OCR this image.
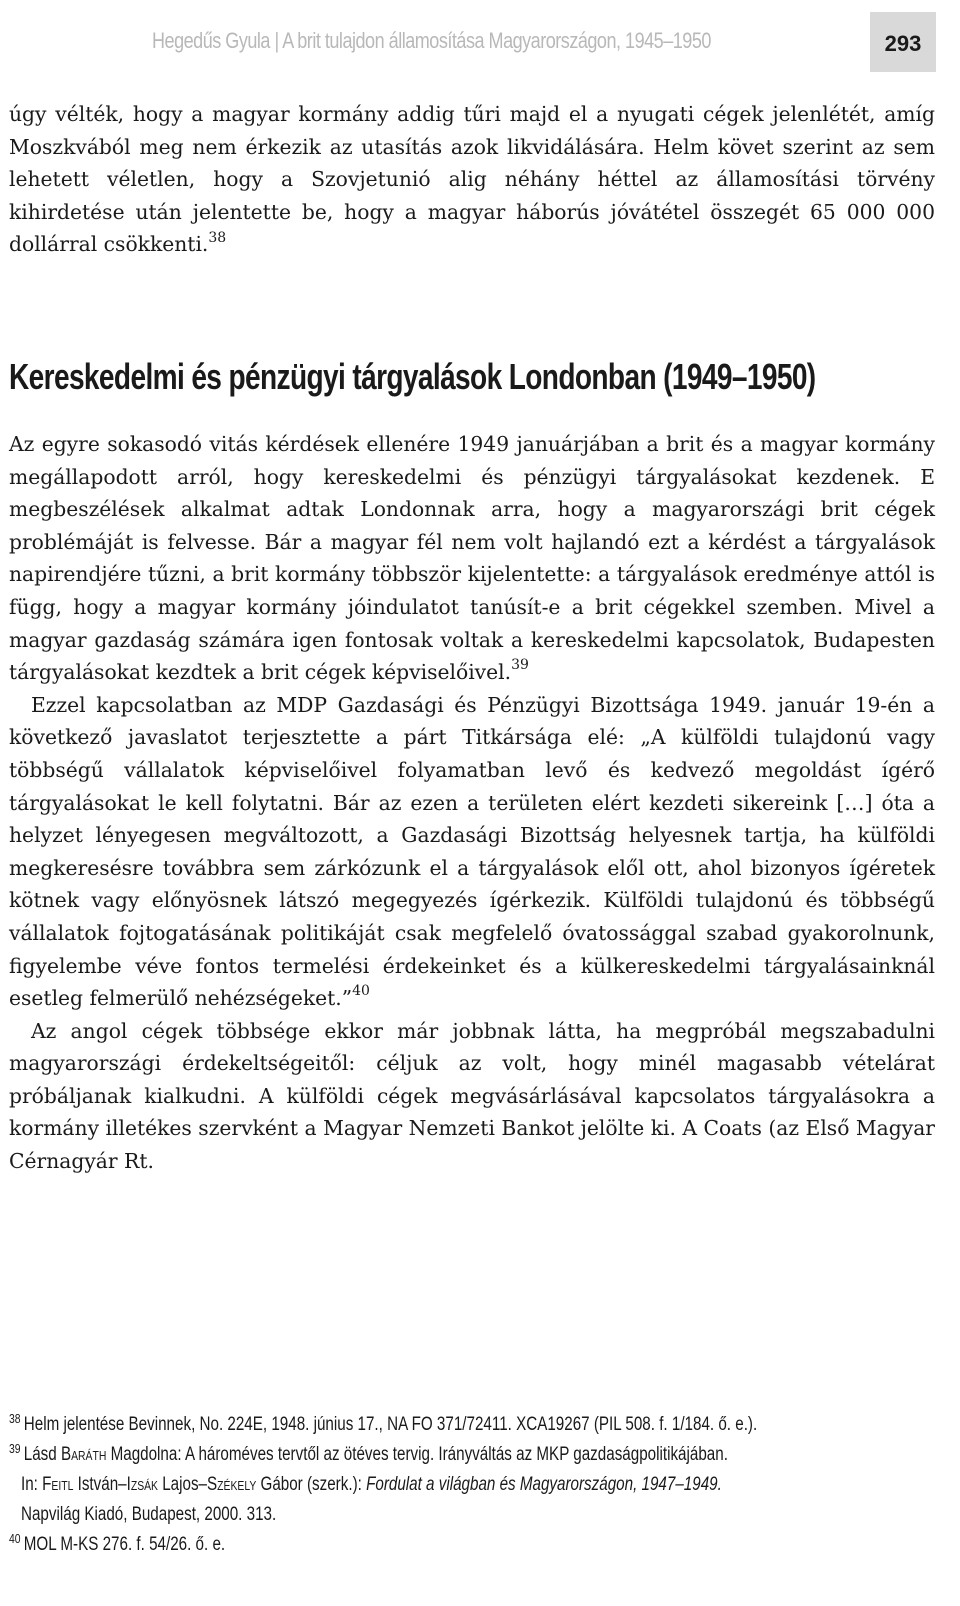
Hegedűs Gyula | A brit tulajdon államosítása Magyarországon, 1945–1950	293

úgy vélték, hogy a magyar kormány addig tűri majd el a nyugati cégek jelenlétét, amíg Moszkvából meg nem érkezik az utasítás azok likvidálására. Helm követ szerint az sem lehetett véletlen, hogy a Szovjetunió alig néhány héttel az államosítási törvény kihirdetése után jelentette be, hogy a magyar háborús jóvátétel összegét 65 000 000 dollárral csökkenti.$^{38}$

Kereskedelmi és pénzügyi tárgyalások Londonban (1949–1950)

Az egyre sokasodó vitás kérdések ellenére 1949 januárjában a brit és a magyar kormány megállapodott arról, hogy kereskedelmi és pénzügyi tárgyalásokat kezdenek. E megbeszélések alkalmat adtak Londonnak arra, hogy a magyarországi brit cégek problémáját is felvesse. Bár a magyar fél nem volt hajlandó ezt a kérdést a tárgyalások napirendjére tűzni, a brit kormány többször kijelentette: a tárgyalások eredménye attól is függ, hogy a magyar kormány jóindulatot tanúsít-e a brit cégekkel szemben. Mivel a magyar gazdaság számára igen fontosak voltak a kereskedelmi kapcsolatok, Budapesten tárgyalásokat kezdtek a brit cégek képviselőivel.$^{39}$

Ezzel kapcsolatban az MDP Gazdasági és Pénzügyi Bizottsága 1949. január 19-én a következő javaslatot terjesztette a párt Titkársága elé: „A külföldi tulajdonú vagy többségű vállalatok képviselőivel folyamatban levő és kedvező megoldást ígérő tárgyalásokat le kell folytatni. Bár az ezen a területen elért kezdeti sikereink […] óta a helyzet lényegesen megváltozott, a Gazdasági Bizottság helyesnek tartja, ha külföldi megkeresésre továbbra sem zárkózunk el a tárgyalások elől ott, ahol bizonyos ígéretek kötnek vagy előnyösnek látszó megegyezés ígérkezik. Külföldi tulajdonú és többségű vállalatok fojtogatásának politikáját csak megfelelő óvatossággal szabad gyakorolnunk, figyelembe véve fontos termelési érdekeinket és a külkereskedelmi tárgyalásainknál esetleg felmerülő nehézségeket.”$^{40}$

Az angol cégek többsége ekkor már jobbnak látta, ha megpróbál megszabadulni magyarországi érdekeltségeitől: céljuk az volt, hogy minél magasabb vételárat próbáljanak kialkudni. A külföldi cégek megvásárlásával kapcsolatos tárgyalásokra a kormány illetékes szervként a Magyar Nemzeti Bankot jelölte ki. A Coats (az Első Magyar Cérnagyár Rt.

$^{38}$ Helm jelentése Bevinnek, No. 224E, 1948. június 17., NA FO 371/72411. XCA19267 (PIL 508. f. 1/184. ő. e.).
$^{39}$ Lásd Baráth Magdolna: A hároméves tervtől az ötéves tervig. Irányváltás az MKP gazdaságpolitikájában.
In: Feitl István–Izsák Lajos–Székely Gábor (szerk.): Fordulat a világban és Magyarországon, 1947–1949.
Napvilág Kiadó, Budapest, 2000. 313.
$^{40}$ MOL M-KS 276. f. 54/26. ő. e.
